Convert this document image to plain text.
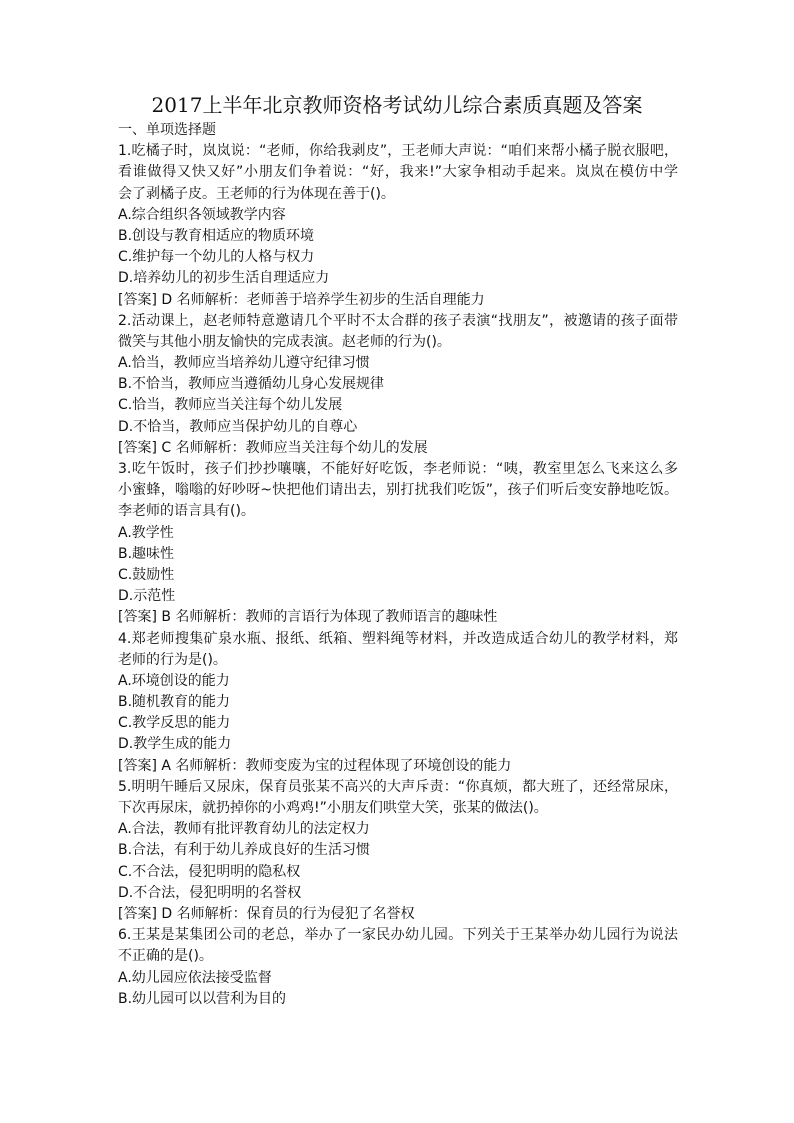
2017上半年北京教师资格考试幼儿综合素质真题及答案
一、单项选择题
1.吃橘子时，岚岚说：“老师，你给我剥皮”，王老师大声说：“咱们来帮小橘子脱衣服吧，
看谁做得又快又好”小朋友们争着说：“好，我来!”大家争相动手起来。岚岚在模仿中学
会了剥橘子皮。王老师的行为体现在善于()。
A.综合组织各领域教学内容
B.创设与教育相适应的物质环境
C.维护每一个幼儿的人格与权力
D.培养幼儿的初步生活自理适应力
[答案] D 名师解析：老师善于培养学生初步的生活自理能力
2.活动课上，赵老师特意邀请几个平时不太合群的孩子表演“找朋友”，被邀请的孩子面带
微笑与其他小朋友愉快的完成表演。赵老师的行为()。
A.恰当，教师应当培养幼儿遵守纪律习惯
B.不恰当，教师应当遵循幼儿身心发展规律
C.恰当，教师应当关注每个幼儿发展
D.不恰当，教师应当保护幼儿的自尊心
[答案] C 名师解析：教师应当关注每个幼儿的发展
3.吃午饭时，孩子们抄抄嚷嚷，不能好好吃饭，李老师说：“咦，教室里怎么飞来这么多
小蜜蜂，嗡嗡的好吵呀~快把他们请出去，别打扰我们吃饭”，孩子们听后变安静地吃饭。
李老师的语言具有()。
A.教学性
B.趣味性
C.鼓励性
D.示范性
[答案] B 名师解析：教师的言语行为体现了教师语言的趣味性
4.郑老师搜集矿泉水瓶、报纸、纸箱、塑料绳等材料，并改造成适合幼儿的教学材料，郑
老师的行为是()。
A.环境创设的能力
B.随机教育的能力
C.教学反思的能力
D.教学生成的能力
[答案] A 名师解析：教师变废为宝的过程体现了环境创设的能力
5.明明午睡后又尿床，保育员张某不高兴的大声斥责：“你真烦，都大班了，还经常尿床，
下次再尿床，就扔掉你的小鸡鸡!”小朋友们哄堂大笑，张某的做法()。
A.合法，教师有批评教育幼儿的法定权力
B.合法，有利于幼儿养成良好的生活习惯
C.不合法，侵犯明明的隐私权
D.不合法，侵犯明明的名誉权
[答案] D 名师解析：保育员的行为侵犯了名誉权
6.王某是某集团公司的老总，举办了一家民办幼儿园。下列关于王某举办幼儿园行为说法
不正确的是()。
A.幼儿园应依法接受监督
B.幼儿园可以以营利为目的
